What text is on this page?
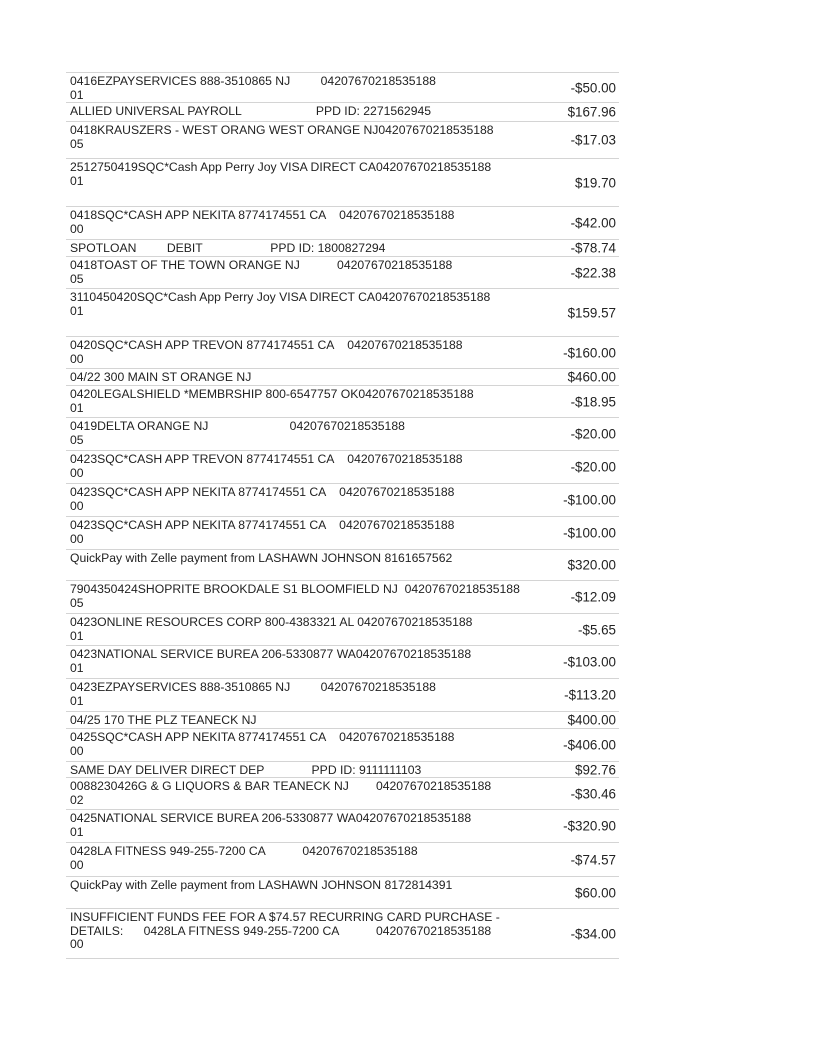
0416EZPAYSERVICES 888-3510865 NJ         04207670218535188
01	-$50.00
ALLIED UNIVERSAL PAYROLL                      PPD ID: 2271562945	$167.96
0418KRAUSZERS - WEST ORANG WEST ORANGE NJ04207670218535188
05	-$17.03
2512750419SQC*Cash App Perry Joy VISA DIRECT CA04207670218535188
01	$19.70
0418SQC*CASH APP NEKITA 8774174551 CA    04207670218535188
00	-$42.00
SPOTLOAN         DEBIT                    PPD ID: 1800827294	-$78.74
0418TOAST OF THE TOWN ORANGE NJ           04207670218535188
05	-$22.38
3110450420SQC*Cash App Perry Joy VISA DIRECT CA04207670218535188
01	$159.57
0420SQC*CASH APP TREVON 8774174551 CA    04207670218535188
00	-$160.00
04/22 300 MAIN ST ORANGE NJ	$460.00
0420LEGALSHIELD *MEMBRSHIP 800-6547757 OK04207670218535188
01	-$18.95
0419DELTA ORANGE NJ                        04207670218535188
05	-$20.00
0423SQC*CASH APP TREVON 8774174551 CA    04207670218535188
00	-$20.00
0423SQC*CASH APP NEKITA 8774174551 CA    04207670218535188
00	-$100.00
0423SQC*CASH APP NEKITA 8774174551 CA    04207670218535188
00	-$100.00
QuickPay with Zelle payment from LASHAWN JOHNSON 8161657562	$320.00
7904350424SHOPRITE BROOKDALE S1 BLOOMFIELD NJ  04207670218535188
05	-$12.09
0423ONLINE RESOURCES CORP 800-4383321 AL 04207670218535188
01	-$5.65
0423NATIONAL SERVICE BUREA 206-5330877 WA04207670218535188
01	-$103.00
0423EZPAYSERVICES 888-3510865 NJ         04207670218535188
01	-$113.20
04/25 170 THE PLZ TEANECK NJ	$400.00
0425SQC*CASH APP NEKITA 8774174551 CA    04207670218535188
00	-$406.00
SAME DAY DELIVER DIRECT DEP              PPD ID: 9111111103	$92.76
0088230426G & G LIQUORS & BAR TEANECK NJ        04207670218535188
02	-$30.46
0425NATIONAL SERVICE BUREA 206-5330877 WA04207670218535188
01	-$320.90
0428LA FITNESS 949-255-7200 CA           04207670218535188
00	-$74.57
QuickPay with Zelle payment from LASHAWN JOHNSON 8172814391	$60.00
INSUFFICIENT FUNDS FEE FOR A $74.57 RECURRING CARD PURCHASE -
DETAILS:      0428LA FITNESS 949-255-7200 CA           04207670218535188
00
-$34.00
